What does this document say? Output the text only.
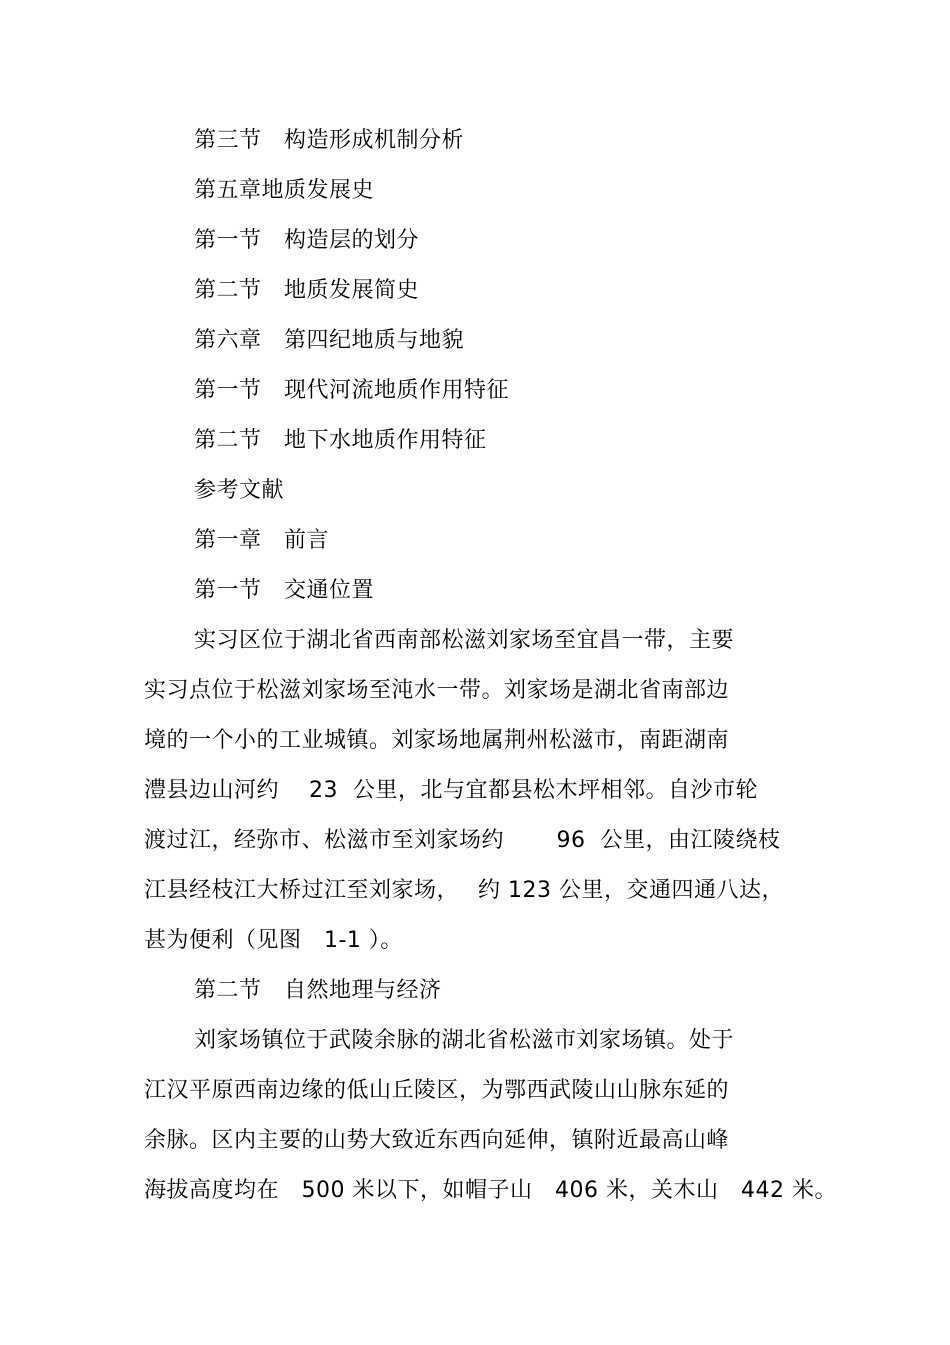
第三节　构造形成机制分析
第五章地质发展史
第一节　构造层的划分
第二节　地质发展简史
第六章　第四纪地质与地貌
第一节　现代河流地质作用特征
第二节　地下水地质作用特征
参考文献
第一章　前言
第一节　交通位置
实习区位于湖北省西南部松滋刘家场至宜昌一带，主要
实习点位于松滋刘家场至沌水一带。刘家场是湖北省南部边
境的一个小的工业城镇。刘家场地属荆州松滋市，南距湖南
澧县边山河约　 23  公里，北与宜都县松木坪相邻。自沙市轮
渡过江，经弥市、松滋市至刘家场约　　 96  公里，由江陵绕枝
江县经枝江大桥过江至刘家场，　 约 123 公里，交通四通八达，
甚为便利（见图　1-1 ）。
第二节　自然地理与经济
刘家场镇位于武陵余脉的湖北省松滋市刘家场镇。处于
江汉平原西南边缘的低山丘陵区，为鄂西武陵山山脉东延的
余脉。区内主要的山势大致近东西向延伸，镇附近最高山峰
海拔高度均在　500 米以下，如帽子山　406 米，关木山　442 米。
